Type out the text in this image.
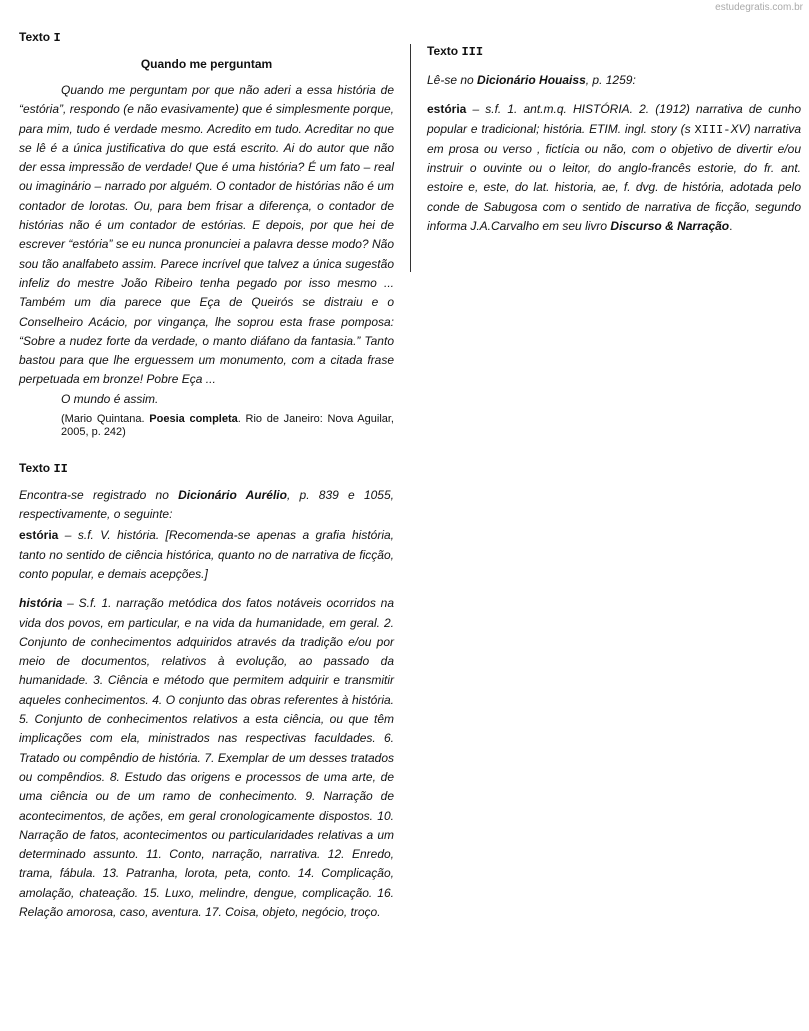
estudegratis.com.br

Texto I

Quando me perguntam

Quando me perguntam por que não aderi a essa história de “estória”, respondo (e não evasivamente) que é simplesmente porque, para mim, tudo é verdade mesmo. Acredito em tudo. Acreditar no que se lê é a única justificativa do que está escrito. Ai do autor que não der essa impressão de verdade! Que é uma história? É um fato – real ou imaginário – narrado por alguém. O contador de histórias não é um contador de lorotas. Ou, para bem frisar a diferença, o contador de histórias não é um contador de estórias. E depois, por que hei de escrever “estória” se eu nunca pronunciei a palavra desse modo? Não sou tão analfabeto assim. Parece incrível que talvez a única sugestão infeliz do mestre João Ribeiro tenha pegado por isso mesmo ... Também um dia parece que Eça de Queirós se distraiu e o Conselheiro Acácio, por vingança, lhe soprou esta frase pomposa: “Sobre a nudez forte da verdade, o manto diáfano da fantasia.” Tanto bastou para que lhe erguessem um monumento, com a citada frase perpetuada em bronze! Pobre Eça ...

O mundo é assim.

(Mario Quintana. Poesia completa. Rio de Janeiro: Nova Aguilar, 2005, p. 242)

Texto II

Encontra-se registrado no Dicionário Aurélio, p. 839 e 1055, respectivamente, o seguinte:

estória – s.f. V. história. [Recomenda-se apenas a grafia história, tanto no sentido de ciência histórica, quanto no de narrativa de ficção, conto popular, e demais acepções.]

história – S.f. 1. narração metódica dos fatos notáveis ocorridos na vida dos povos, em particular, e na vida da humanidade, em geral. 2. Conjunto de conhecimentos adquiridos através da tradição e/ou por meio de documentos, relativos à evolução, ao passado da humanidade. 3. Ciência e método que permitem adquirir e transmitir aqueles conhecimentos. 4. O conjunto das obras referentes à história. 5. Conjunto de conhecimentos relativos a esta ciência, ou que têm implicações com ela, ministrados nas respectivas faculdades. 6. Tratado ou compêndio de história. 7. Exemplar de um desses tratados ou compêndios. 8. Estudo das origens e processos de uma arte, de uma ciência ou de um ramo de conhecimento. 9. Narração de acontecimentos, de ações, em geral cronologicamente dispostos. 10. Narração de fatos, acontecimentos ou particularidades relativas a um determinado assunto. 11. Conto, narração, narrativa. 12. Enredo, trama, fábula. 13. Patranha, lorota, peta, conto. 14. Complicação, amolação, chateação. 15. Luxo, melindre, dengue, complicação. 16. Relação amorosa, caso, aventura. 17. Coisa, objeto, negócio, troço.

Texto III

Lê-se no Dicionário Houaiss, p. 1259:

estória – s.f. 1. ant.m.q. HISTÓRIA. 2. (1912) narrativa de cunho popular e tradicional; história. ETIM. ingl. story (s XIII-XV) narrativa em prosa ou verso , fictícia ou não, com o objetivo de divertir e/ou instruir o ouvinte ou o leitor, do anglo-francês estorie, do fr. ant. estoire e, este, do lat. historia, ae, f. dvg. de história, adotada pelo conde de Sabugosa com o sentido de narrativa de ficção, segundo informa J.A.Carvalho em seu livro Discurso & Narração.
